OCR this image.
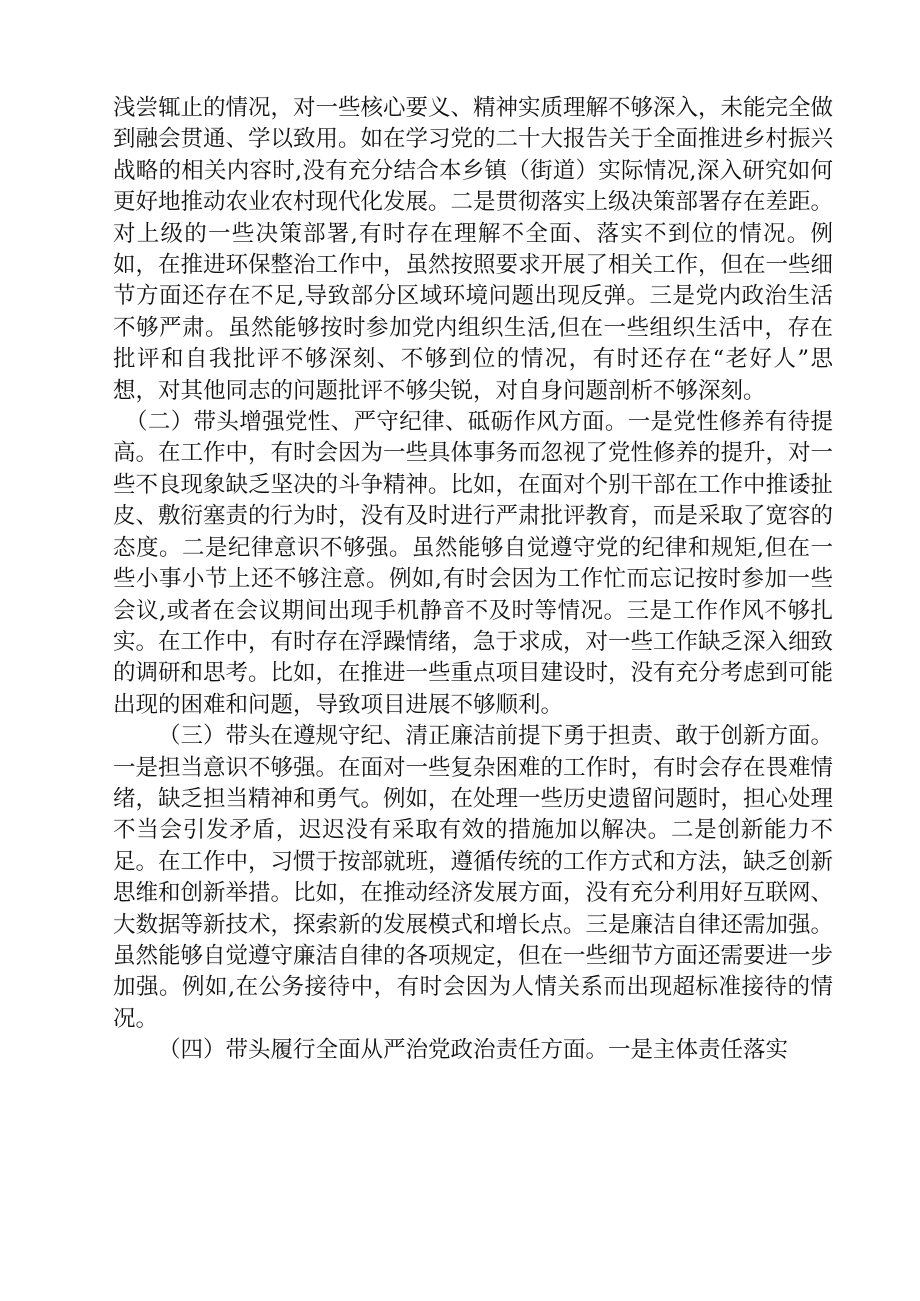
浅尝辄止的情况，对一些核心要义、精神实质理解不够深入，未能完全做到融会贯通、学以致用。如在学习党的二十大报告关于全面推进乡村振兴战略的相关内容时,没有充分结合本乡镇（街道）实际情况,深入研究如何更好地推动农业农村现代化发展。二是贯彻落实上级决策部署存在差距。对上级的一些决策部署,有时存在理解不全面、落实不到位的情况。例如，在推进环保整治工作中，虽然按照要求开展了相关工作，但在一些细节方面还存在不足,导致部分区域环境问题出现反弹。三是党内政治生活不够严肃。虽然能够按时参加党内组织生活,但在一些组织生活中，存在批评和自我批评不够深刻、不够到位的情况，有时还存在“老好人”思想，对其他同志的问题批评不够尖锐，对自身问题剖析不够深刻。

（二）带头增强党性、严守纪律、砥砺作风方面。一是党性修养有待提高。在工作中，有时会因为一些具体事务而忽视了党性修养的提升，对一些不良现象缺乏坚决的斗争精神。比如，在面对个别干部在工作中推诿扯皮、敷衍塞责的行为时，没有及时进行严肃批评教育，而是采取了宽容的态度。二是纪律意识不够强。虽然能够自觉遵守党的纪律和规矩,但在一些小事小节上还不够注意。例如,有时会因为工作忙而忘记按时参加一些会议,或者在会议期间出现手机静音不及时等情况。三是工作作风不够扎实。在工作中，有时存在浮躁情绪，急于求成，对一些工作缺乏深入细致的调研和思考。比如，在推进一些重点项目建设时，没有充分考虑到可能出现的困难和问题，导致项目进展不够顺利。

（三）带头在遵规守纪、清正廉洁前提下勇于担责、敢于创新方面。一是担当意识不够强。在面对一些复杂困难的工作时，有时会存在畏难情绪，缺乏担当精神和勇气。例如，在处理一些历史遗留问题时，担心处理不当会引发矛盾，迟迟没有采取有效的措施加以解决。二是创新能力不足。在工作中，习惯于按部就班，遵循传统的工作方式和方法，缺乏创新思维和创新举措。比如，在推动经济发展方面，没有充分利用好互联网、大数据等新技术，探索新的发展模式和增长点。三是廉洁自律还需加强。虽然能够自觉遵守廉洁自律的各项规定，但在一些细节方面还需要进一步加强。例如,在公务接待中，有时会因为人情关系而出现超标准接待的情况。

（四）带头履行全面从严治党政治责任方面。一是主体责任落实
